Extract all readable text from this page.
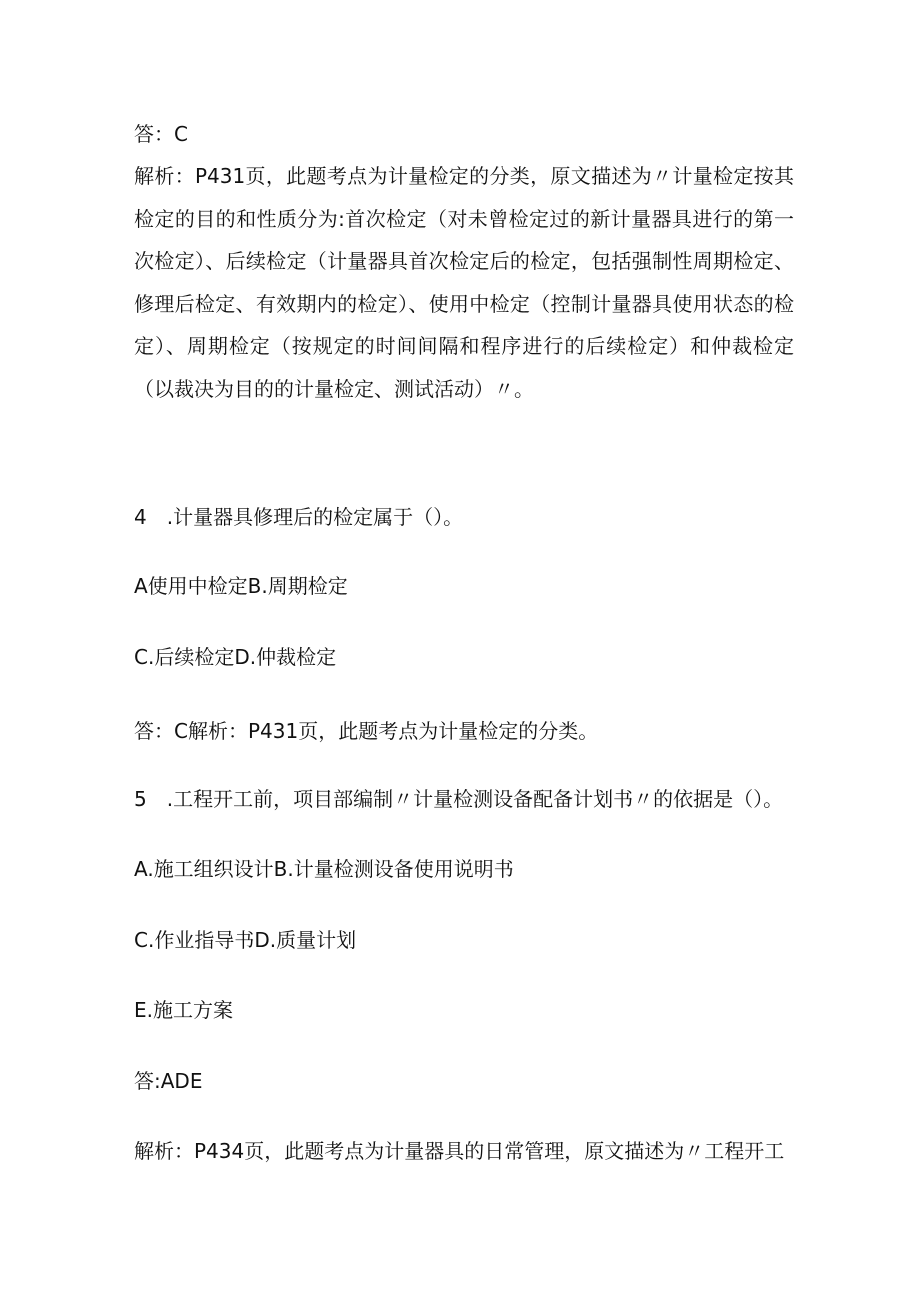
答：C

解析：P431页，此题考点为计量检定的分类，原文描述为〃计量检定按其检定的目的和性质分为:首次检定（对未曾检定过的新计量器具进行的第一次检定）、后续检定（计量器具首次检定后的检定，包括强制性周期检定、修理后检定、有效期内的检定）、使用中检定（控制计量器具使用状态的检定）、周期检定（按规定的时间间隔和程序进行的后续检定）和仲裁检定（以裁决为目的的计量检定、测试活动）〃。

4　.计量器具修理后的检定属于（）。
A使用中检定B.周期检定
C.后续检定D.仲裁检定
答：C解析：P431页，此题考点为计量检定的分类。
5　.工程开工前，项目部编制〃计量检测设备配备计划书〃的依据是（）。
A.施工组织设计B.计量检测设备使用说明书
C.作业指导书D.质量计划
E.施工方案
答:ADE
解析：P434页，此题考点为计量器具的日常管理，原文描述为〃工程开工
